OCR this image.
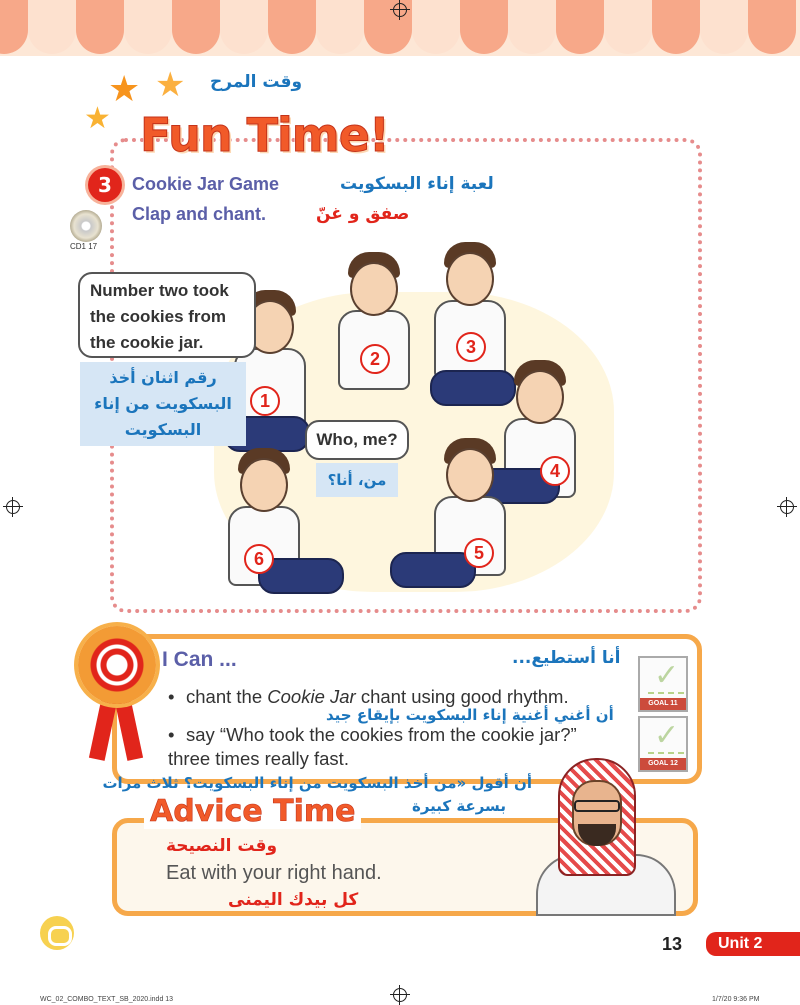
★ ★
★
وقت المرح
Fun Time!
3	Cookie Jar Game	لعبة إناء البسكويت
Clap and chant.	صفق و غنّ
CD1 17
2
3
1
4
6	5
Number two took
the cookies from
the cookie jar.
رقم اثنان أخذ
البسكويت من إناء
البسكويت
Who, me?
من، أنا؟
I Can ...	أنا أستطيع...
• chant the Cookie Jar chant using good rhythm.
أن أغني أغنية إناء البسكويت بإيقاع جيد
• say “Who took the cookies from the cookie jar?” three times really fast.
أن أقول «من أخذ البسكويت من إناء البسكويت؟ ثلاث مرات
بسرعة كبيرة
✓
GOAL 11
✓
GOAL 12
Advice Time
وقت النصيحة
Eat with your right hand.
كل بيدك اليمنى
13	Unit 2
WC_02_COMBO_TEXT_SB_2020.indd 13	1/7/20 9:36 PM
